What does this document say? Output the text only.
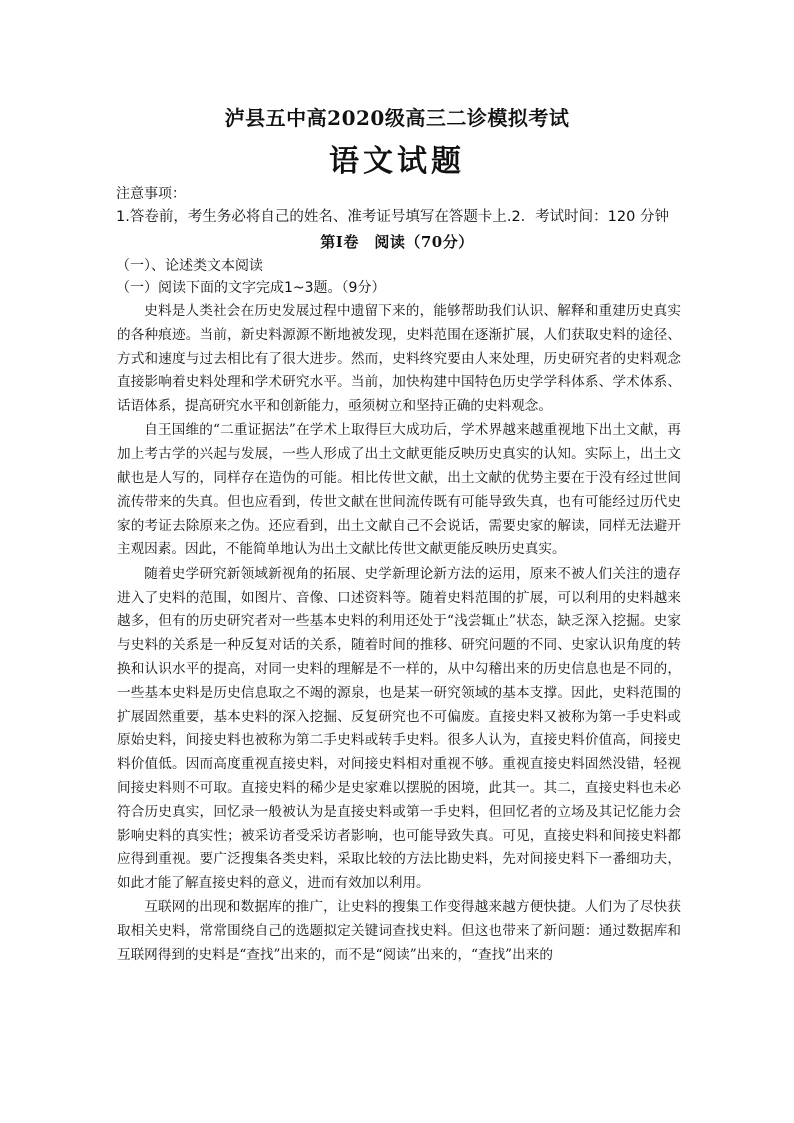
泸县五中高2020级高三二诊模拟考试
语文试题
注意事项：
1.答卷前，考生务必将自己的姓名、准考证号填写在答题卡上.2．考试时间：120 分钟
第Ⅰ卷　阅读（70分）
（一）、论述类文本阅读
（一）阅读下面的文字完成1~3题。（9分）

史料是人类社会在历史发展过程中遗留下来的，能够帮助我们认识、解释和重建历史真实的各种痕迹。当前，新史料源源不断地被发现，史料范围在逐渐扩展，人们获取史料的途径、方式和速度与过去相比有了很大进步。然而，史料终究要由人来处理，历史研究者的史料观念直接影响着史料处理和学术研究水平。当前，加快构建中国特色历史学学科体系、学术体系、话语体系，提高研究水平和创新能力，亟须树立和坚持正确的史料观念。

自王国维的“二重证据法”在学术上取得巨大成功后，学术界越来越重视地下出土文献，再加上考古学的兴起与发展，一些人形成了出土文献更能反映历史真实的认知。实际上，出土文献也是人写的，同样存在造伪的可能。相比传世文献，出土文献的优势主要在于没有经过世间流传带来的失真。但也应看到，传世文献在世间流传既有可能导致失真，也有可能经过历代史家的考证去除原来之伪。还应看到，出土文献自己不会说话，需要史家的解读，同样无法避开主观因素。因此，不能简单地认为出土文献比传世文献更能反映历史真实。

随着史学研究新领域新视角的拓展、史学新理论新方法的运用，原来不被人们关注的遗存进入了史料的范围，如图片、音像、口述资料等。随着史料范围的扩展，可以利用的史料越来越多，但有的历史研究者对一些基本史料的利用还处于“浅尝辄止”状态，缺乏深入挖掘。史家与史料的关系是一种反复对话的关系，随着时间的推移、研究问题的不同、史家认识角度的转换和认识水平的提高，对同一史料的理解是不一样的，从中勾稽出来的历史信息也是不同的，一些基本史料是历史信息取之不竭的源泉，也是某一研究领域的基本支撑。因此，史料范围的扩展固然重要，基本史料的深入挖掘、反复研究也不可偏废。直接史料又被称为第一手史料或原始史料，间接史料也被称为第二手史料或转手史料。很多人认为，直接史料价值高，间接史料价值低。因而高度重视直接史料，对间接史料相对重视不够。重视直接史料固然没错，轻视间接史料则不可取。直接史料的稀少是史家难以摆脱的困境，此其一。其二，直接史料也未必符合历史真实，回忆录一般被认为是直接史料或第一手史料，但回忆者的立场及其记忆能力会影响史料的真实性；被采访者受采访者影响，也可能导致失真。可见，直接史料和间接史料都应得到重视。要广泛搜集各类史料，采取比较的方法比勘史料，先对间接史料下一番细功夫，如此才能了解直接史料的意义，进而有效加以利用。

互联网的出现和数据库的推广，让史料的搜集工作变得越来越方便快捷。人们为了尽快获取相关史料，常常围绕自己的选题拟定关键词查找史料。但这也带来了新问题：通过数据库和互联网得到的史料是“查找”出来的，而不是“阅读”出来的，“查找”出来的
